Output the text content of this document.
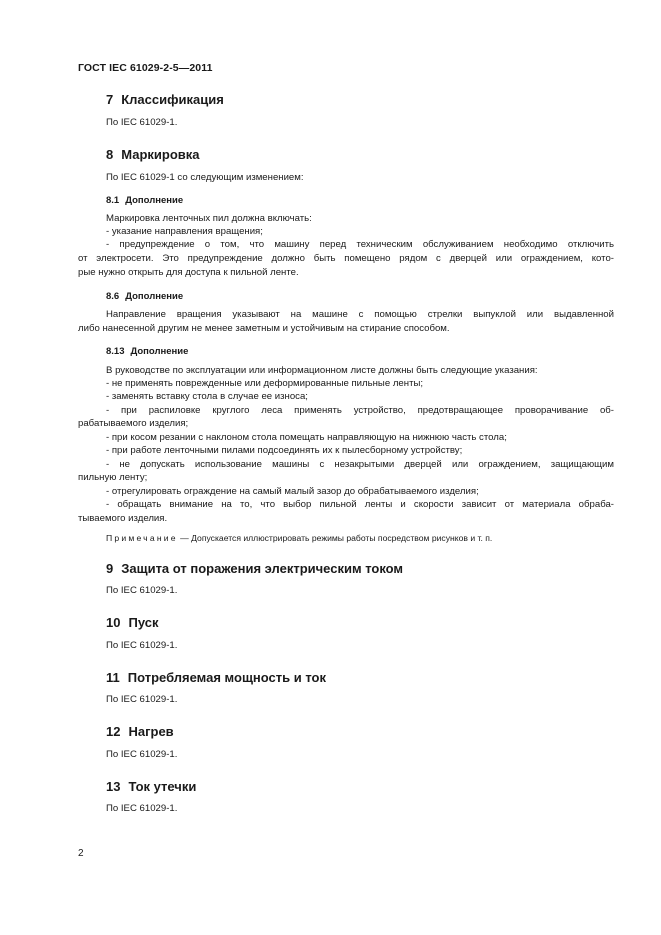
ГОСТ IEC 61029-2-5—2011
7 Классификация
По IEC 61029-1.
8 Маркировка
По IEC 61029-1 со следующим изменением:
8.1 Дополнение
Маркировка ленточных пил должна включать:
- указание направления вращения;
- предупреждение о том, что машину перед техническим обслуживанием необходимо отключить
от электросети. Это предупреждение должно быть помещено рядом с дверцей или ограждением, кото-
рые нужно открыть для доступа к пильной ленте.
8.6 Дополнение
Направление вращения указывают на машине с помощью стрелки выпуклой или выдавленной
либо нанесенной другим не менее заметным и устойчивым на стирание способом.
8.13 Дополнение
В руководстве по эксплуатации или информационном листе должны быть следующие указания:
- не применять поврежденные или деформированные пильные ленты;
- заменять вставку стола в случае ее износа;
- при распиловке круглого леса применять устройство, предотвращающее проворачивание об-
рабатываемого изделия;
- при косом резании с наклоном стола помещать направляющую на нижнюю часть стола;
- при работе ленточными пилами подсоединять их к пылесборному устройству;
- не допускать использование машины с незакрытыми дверцей или ограждением, защищающим
пильную ленту;
- отрегулировать ограждение на самый малый зазор до обрабатываемого изделия;
- обращать внимание на то, что выбор пильной ленты и скорости зависит от материала обраба-
тываемого изделия.
Примечание — Допускается иллюстрировать режимы работы посредством рисунков и т. п.
9 Защита от поражения электрическим током
По IEC 61029-1.
10 Пуск
По IEC 61029-1.
11 Потребляемая мощность и ток
По IEC 61029-1.
12 Нагрев
По IEC 61029-1.
13 Ток утечки
По IEC 61029-1.
2
